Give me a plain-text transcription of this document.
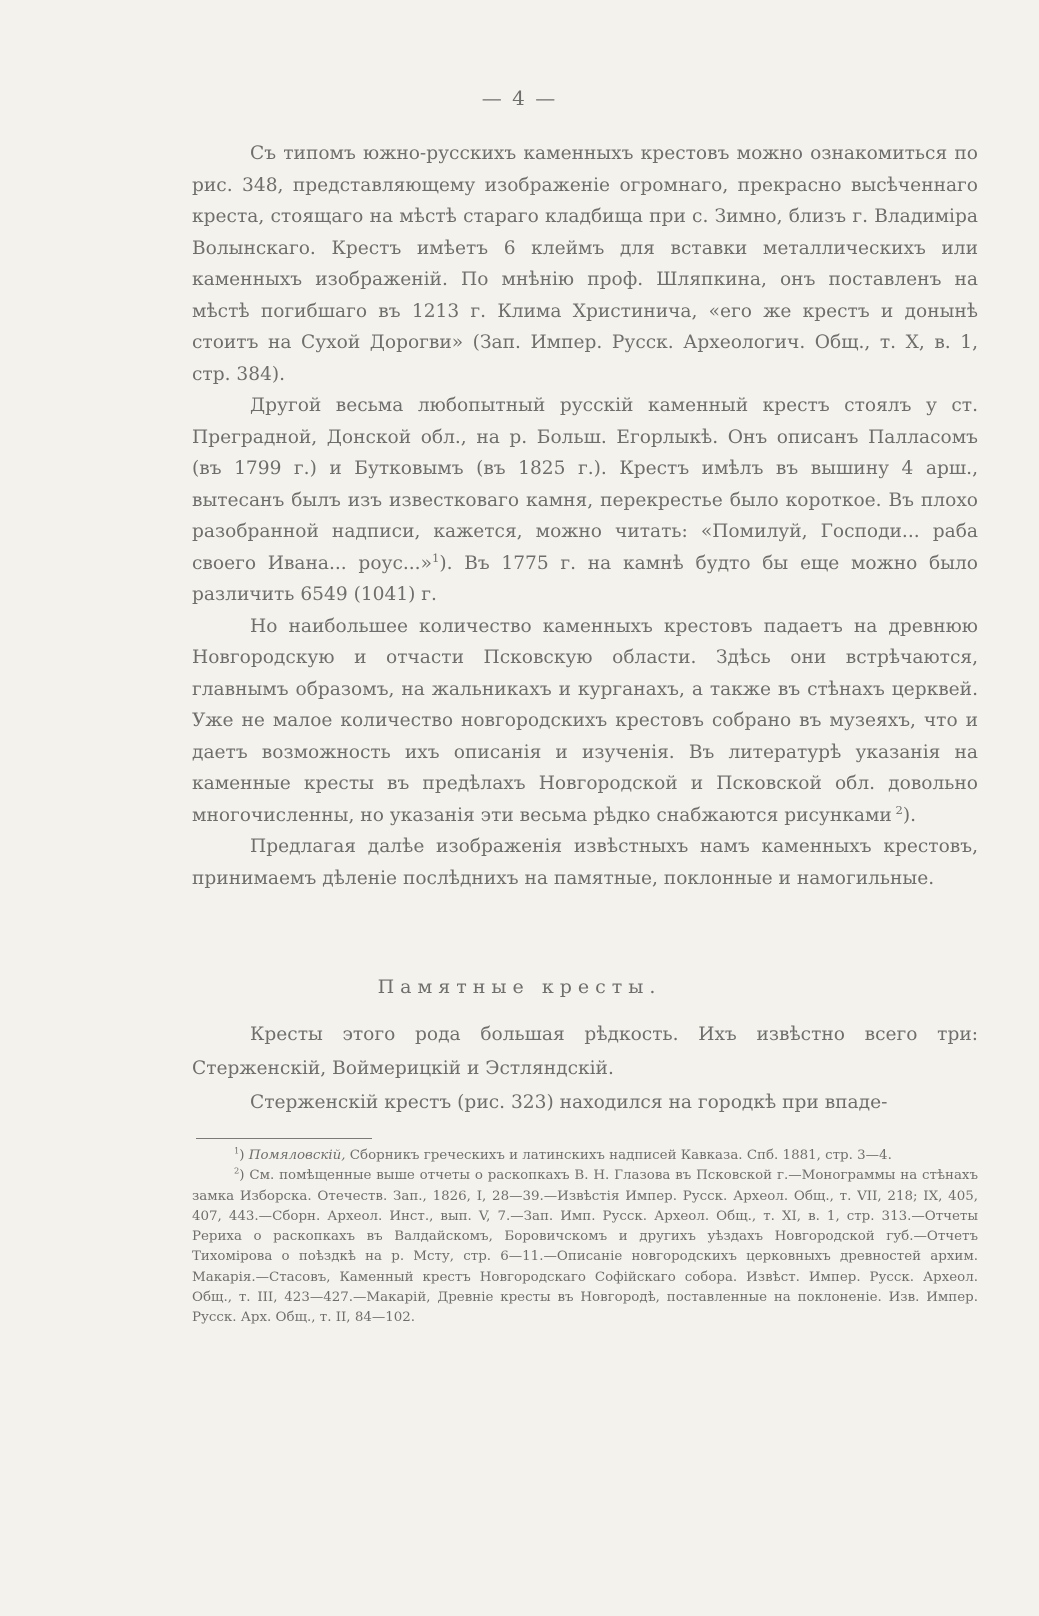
— 4 —

Съ типомъ южно-русскихъ каменныхъ крестовъ можно ознакомиться по рис. 348, представляющему изображеніе огромнаго, прекрасно высѣченнаго креста, стоящаго на мѣстѣ стараго кладбища при с. Зимно, близъ г. Владиміра Волынскаго. Крестъ имѣетъ 6 клеймъ для вставки металлическихъ или каменныхъ изображеній. По мнѣнію проф. Шляпкина, онъ поставленъ на мѣстѣ погибшаго въ 1213 г. Клима Христиничa, «его же крестъ и донынѣ стоитъ на Сухой Дорогви» (Зап. Импер. Русск. Археологич. Общ., т. X, в. 1, стр. 384).

Другой весьма любопытный русскій каменный крестъ стоялъ у ст. Преградной, Донской обл., на р. Больш. Егорлыкѣ. Онъ описанъ Палласомъ (въ 1799 г.) и Бутковымъ (въ 1825 г.). Крестъ имѣлъ въ вышину 4 арш., вытесанъ былъ изъ известковаго камня, перекрестье было короткое. Въ плохо разобранной надписи, кажется, можно читать: «Помилуй, Господи... раба своего Ивана... роус...»$^1$). Въ 1775 г. на камнѣ будто бы еще можно было различить 6549 (1041) г.

Но наибольшее количество каменныхъ крестовъ падаетъ на древнюю Новгородскую и отчасти Псковскую области. Здѣсь они встрѣчаются, главнымъ образомъ, на жальникахъ и курганахъ, а также въ стѣнахъ церквей. Уже не малое количество новгородскихъ крестовъ собрано въ музеяхъ, что и даетъ возможность ихъ описанія и изученія. Въ литературѣ указанія на каменные кресты въ предѣлахъ Новгородской и Псковской обл. довольно многочисленны, но указанія эти весьма рѣдко снабжаются рисунками  $^2$).

Предлагая далѣе изображенія извѣстныхъ намъ каменныхъ крестовъ, принимаемъ дѣленіе послѣднихъ на памятные, поклонные и намогильные.

Памятные кресты.

Кресты этого рода большая рѣдкость. Ихъ извѣстно всего три: Стерженскій, Воймерицкій и Эстляндскій.

Стерженскій крестъ (рис. 323) находился на городкѣ при впаде-

$^1$) Помяловскій, Сборникъ греческихъ и латинскихъ надписей Кавказа. Спб. 1881, стр. 3—4.

$^2$) См. помѣщенные выше отчеты о раскопкахъ В. Н. Глазова въ Псковской г.—Монограммы на стѣнахъ замка Изборска. Отечеств. Зап., 1826, I, 28—39.—Извѣстія Импер. Русск. Археол. Общ., т. VII, 218; IX, 405, 407, 443.—Сборн. Археол. Инст., вып. V, 7.—Зап. Имп. Русск. Археол. Общ., т. XI, в. 1, стр. 313.—Отчеты Рериха о раскопкахъ въ Валдайскомъ, Боровичскомъ и другихъ уѣздахъ Новгородской губ.—Отчетъ Тихомірова о поѣздкѣ на р. Мсту, стр. 6—11.—Описаніе новгородскихъ церковныхъ древностей архим. Макарія.—Стасовъ, Каменный крестъ Новгородскаго Софійскаго собора. Извѣст. Импер. Русск. Археол. Общ., т. III, 423—427.—Макарій, Древніе кресты въ Новгородѣ, поставленные на поклоненіе. Изв. Импер. Русск. Арх. Общ., т. II, 84—102.
